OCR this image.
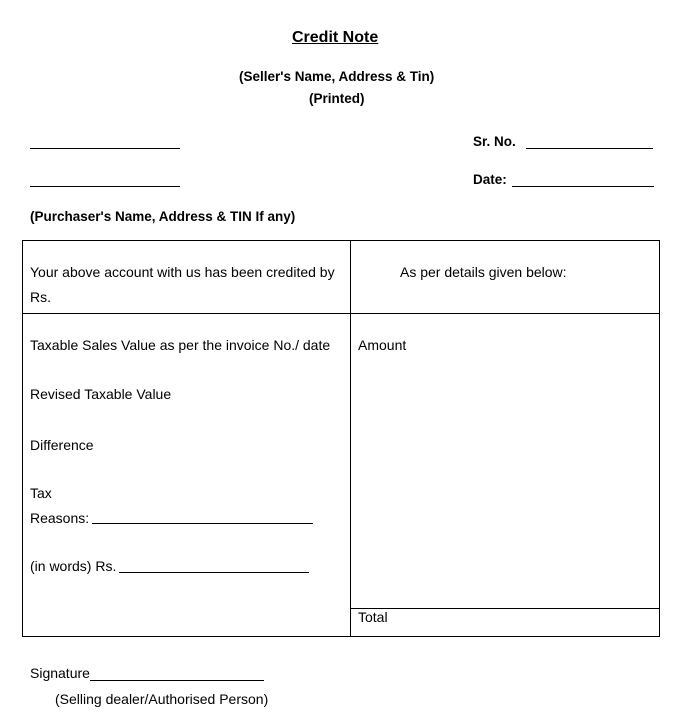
Credit Note
(Seller's Name, Address & Tin)
(Printed)
Sr. No.
Date:
(Purchaser's Name, Address & TIN If any)
Your above account with us has been credited by
Rs.
As per details given below:
Taxable Sales Value as per the invoice No./ date Amount
Revised Taxable Value
Difference
Tax
Reasons:
(in words) Rs.
Total
Signature
(Selling dealer/Authorised Person)
